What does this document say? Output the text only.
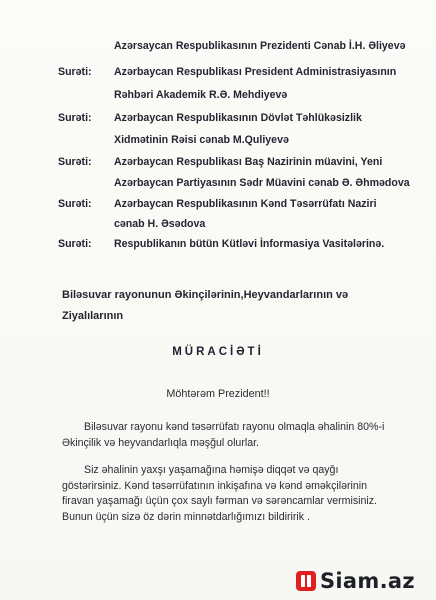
Azərsaycan Respublikasının Prezidenti Cənab İ.H. Əliyevə
Surəti: Azərbaycan Respublikası President Administrasiyasının
Rəhbəri Akademik R.Ə. Mehdiyevə
Surəti: Azərbaycan Respublikasının Dövlət Təhlükəsizlik
Xidmətinin Rəisi cənab M.Quliyevə
Surəti: Azərbaycan Respublikası Baş Nazirinin müavini, Yeni
Azərbaycan Partiyasının Sədr Müavini cənab Ə. Əhmədova
Surəti: Azərbaycan Respublikasının Kənd Təsərrüfatı Naziri
cənab H. Əsədova
Surəti: Respublikanın bütün Kütləvi İnformasiya Vasitələrinə.
Biləsuvar rayonunun Əkinçilərinin,Heyvandarlarının və
Ziyalılarının
MÜRACİƏTİ
Möhtərəm Prezident!!

Biləsuvar rayonu kənd təsərrüfatı rayonu olmaqla əhalinin 80%-i Əkinçilik və heyvandarlıqla məşğul olurlar.

Siz əhalinin yaxşı yaşamağına həmişə diqqət və qayğı göstərirsiniz. Kənd təsərrüfatının inkişafına və kənd əməkçilərinin firavan yaşamağı üçün çox saylı fərman və sərəncamlar vermisiniz. Bunun üçün sizə öz dərin minnətdarlığımızı bildiririk .

Siam.az
